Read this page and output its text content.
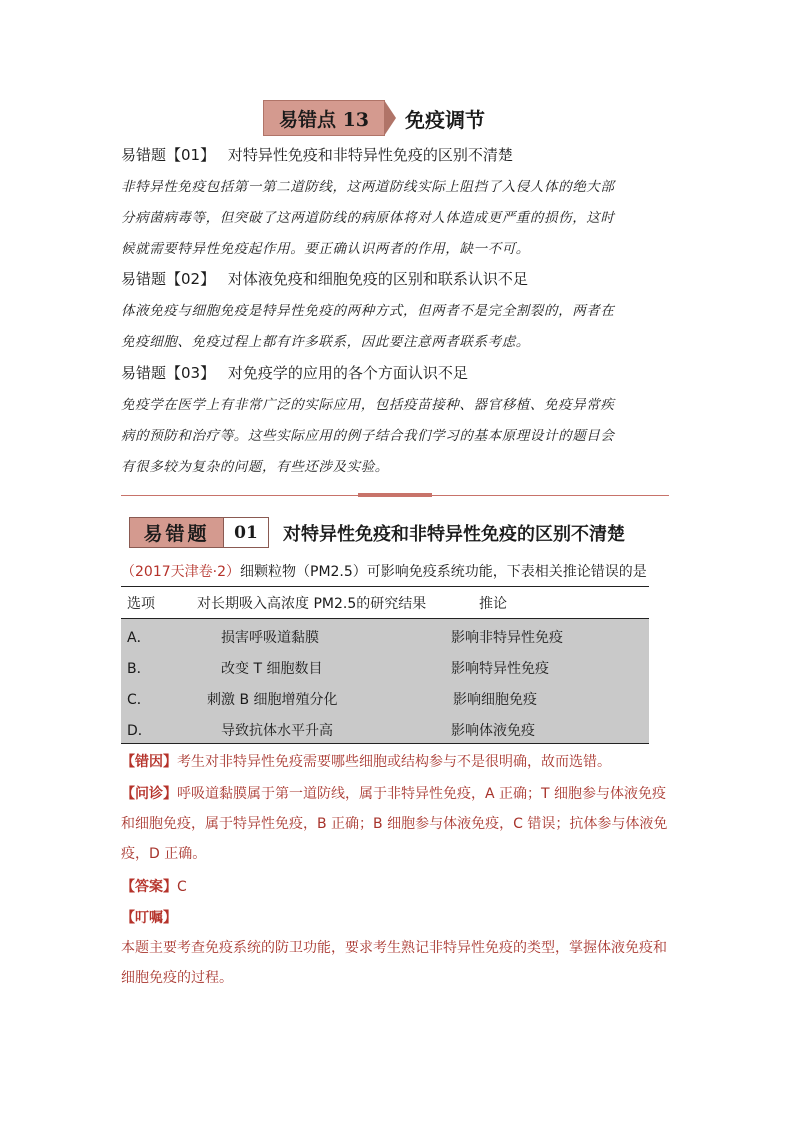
易错点 13	免疫调节
易错题【01】 对特异性免疫和非特异性免疫的区别不清楚
非特异性免疫包括第一第二道防线，这两道防线实际上阻挡了入侵人体的绝大部
分病菌病毒等，但突破了这两道防线的病原体将对人体造成更严重的损伤，这时
候就需要特异性免疫起作用。要正确认识两者的作用，缺一不可。
易错题【02】 对体液免疫和细胞免疫的区别和联系认识不足
体液免疫与细胞免疫是特异性免疫的两种方式，但两者不是完全割裂的，两者在
免疫细胞、免疫过程上都有许多联系，因此要注意两者联系考虑。
易错题【03】 对免疫学的应用的各个方面认识不足
免疫学在医学上有非常广泛的实际应用，包括疫苗接种、器官移植、免疫异常疾
病的预防和治疗等。这些实际应用的例子结合我们学习的基本原理设计的题目会
有很多较为复杂的问题，有些还涉及实验。
易错题	01	对特异性免疫和非特异性免疫的区别不清楚
（2017天津卷·2）细颗粒物（PM2.5）可影响免疫系统功能，下表相关推论错误的是
选项	对长期吸入高浓度 PM2.5的研究结果	推论
A．	损害呼吸道黏膜	影响非特异性免疫
B．	改变 T 细胞数目	影响特异性免疫
C．	刺激 B 细胞增殖分化	影响细胞免疫
D．	导致抗体水平升高	影响体液免疫
【错因】考生对非特异性免疫需要哪些细胞或结构参与不是很明确，故而选错。
【问诊】呼吸道黏膜属于第一道防线，属于非特异性免疫，A 正确；T 细胞参与体液免疫
和细胞免疫，属于特异性免疫，B 正确；B 细胞参与体液免疫，C 错误；抗体参与体液免
疫，D 正确。
【答案】C
【叮嘱】
本题主要考查免疫系统的防卫功能，要求考生熟记非特异性免疫的类型，掌握体液免疫和
细胞免疫的过程。
